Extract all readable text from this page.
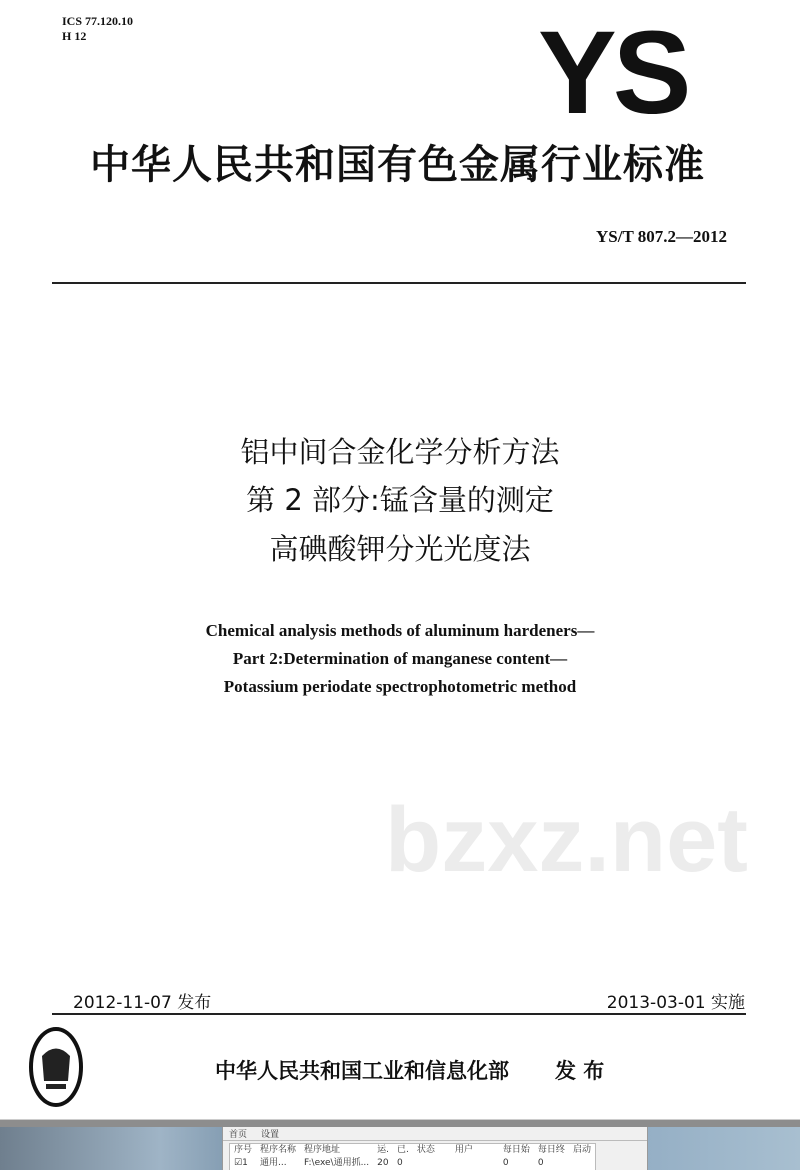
ICS 77.120.10
H 12	YS
中华人民共和国有色金属行业标准
YS/T 807.2—2012
铝中间合金化学分析方法
第 2 部分:锰含量的测定
高碘酸钾分光光度法
Chemical analysis methods of aluminum hardeners—
Part 2:Determination of manganese content—
Potassium periodate spectrophotometric method
bzxz.net
2012-11-07 发布	2013-03-01 实施
中华人民共和国工业和信息化部 发 布
首页 设置
序号	程序名称	程序地址	运.	已.	状态	用户	每日始	每日终	启动
☑1	通用...	F:\exe\通用抓...	20	0			0	0	
